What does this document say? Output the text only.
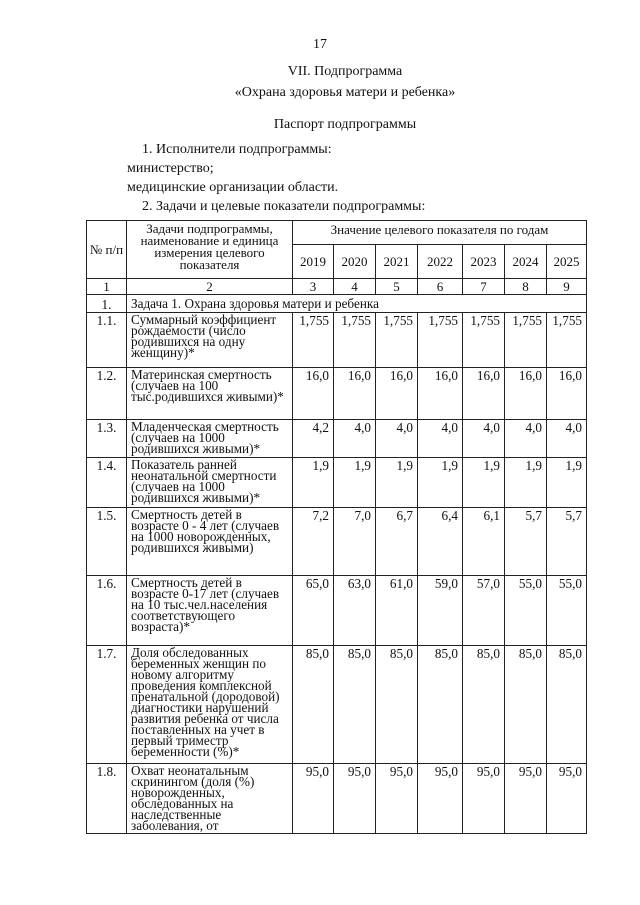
17
VII. Подпрограмма
«Охрана здоровья матери и ребенка»
Паспорт подпрограммы
1. Исполнители подпрограммы:
министерство;
медицинские организации области.
2. Задачи и целевые показатели подпрограммы:
№ п/п	Задачи подпрограммы, наименование и единица измерения целевого показателя	Значение целевого показателя по годам						
		2019	2020	2021	2022	2023	2024	2025
1	2	3	4	5	6	7	8	9
1.	Задача 1. Охрана здоровья матери и ребенка							
1.1.	Суммарный коэффициент рождаемости (число родившихся на одну женщину)*	1,755	1,755	1,755	1,755	1,755	1,755	1,755
1.2.	Материнская смертность (случаев на 100 тыс.родившихся живыми)*	16,0	16,0	16,0	16,0	16,0	16,0	16,0
1.3.	Младенческая смертность (случаев на 1000 родившихся живыми)*	4,2	4,0	4,0	4,0	4,0	4,0	4,0
1.4.	Показатель ранней неонатальной смертности (случаев на 1000 родившихся живыми)*	1,9	1,9	1,9	1,9	1,9	1,9	1,9
1.5.	Смертность детей в возрасте 0 - 4 лет (случаев на 1000 новорожденных, родившихся живыми)	7,2	7,0	6,7	6,4	6,1	5,7	5,7
1.6.	Смертность детей в возрасте 0-17 лет (случаев на 10 тыс.чел.населения соответствующего возраста)*	65,0	63,0	61,0	59,0	57,0	55,0	55,0
1.7.	Доля обследованных беременных женщин по новому алгоритму проведения комплексной пренатальной (дородовой) диагностики нарушений развития ребенка от числа поставленных на учет в первый триместр беременности (%)*	85,0	85,0	85,0	85,0	85,0	85,0	85,0
1.8.	Охват неонатальным скринингом (доля (%) новорожденных, обследованных на наследственные заболевания, от	95,0	95,0	95,0	95,0	95,0	95,0	95,0
